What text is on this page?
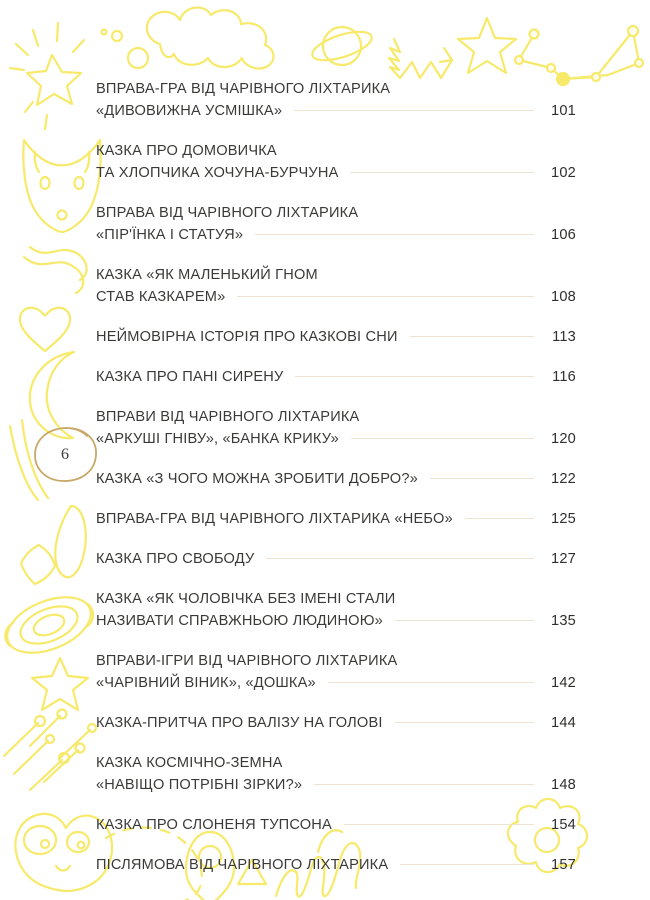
ВПРАВА-ГРА ВІД ЧАРІВНОГО ЛІХТАРИКА
«ДИВОВИЖНА УСМІШКА»	101
КАЗКА ПРО ДОМОВИЧКА
ТА ХЛОПЧИКА ХОЧУНА-БУРЧУНА	102
ВПРАВА ВІД ЧАРІВНОГО ЛІХТАРИКА
«ПІР'ЇНКА І СТАТУЯ»	106
КАЗКА «ЯК МАЛЕНЬКИЙ ГНОМ
СТАВ КАЗКАРЕМ»	108
НЕЙМОВІРНА ІСТОРІЯ ПРО КАЗКОВІ СНИ	113
КАЗКА ПРО ПАНІ СИРЕНУ	116
ВПРАВИ ВІД ЧАРІВНОГО ЛІХТАРИКА
«АРКУШІ ГНІВУ», «БАНКА КРИКУ»	120
КАЗКА «З ЧОГО МОЖНА ЗРОБИТИ ДОБРО?»	122
ВПРАВА-ГРА ВІД ЧАРІВНОГО ЛІХТАРИКА «НЕБО»	125
КАЗКА ПРО СВОБОДУ	127
КАЗКА «ЯК ЧОЛОВІЧКА БЕЗ ІМЕНІ СТАЛИ
НАЗИВАТИ СПРАВЖНЬОЮ ЛЮДИНОЮ»	135
ВПРАВИ-ІГРИ ВІД ЧАРІВНОГО ЛІХТАРИКА
«ЧАРІВНИЙ ВІНИК», «ДОШКА»	142
КАЗКА-ПРИТЧА ПРО ВАЛІЗУ НА ГОЛОВІ	144
КАЗКА КОСМІЧНО-ЗЕМНА
«НАВІЩО ПОТРІБНІ ЗІРКИ?»	148
КАЗКА ПРО СЛОНЕНЯ ТУПСОНА	154
ПІСЛЯМОВА ВІД ЧАРІВНОГО ЛІХТАРИКА	157
6
